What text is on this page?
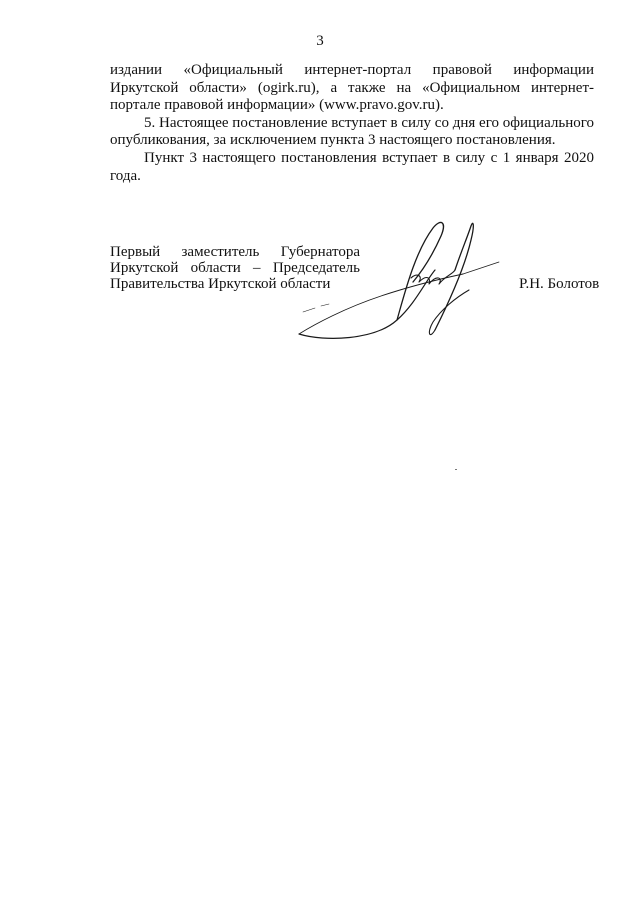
3

издании «Официальный интернет-портал правовой информации Иркутской области» (ogirk.ru), а также на «Официальном интернет-портале правовой информации» (www.pravo.gov.ru).

5. Настоящее постановление вступает в силу со дня его официального опубликования, за исключением пункта 3 настоящего постановления.

Пункт 3 настоящего постановления вступает в силу с 1 января 2020 года.

Первый заместитель Губернатора
Иркутской области – Председатель
Правительства Иркутской области	Р.Н. Болотов
